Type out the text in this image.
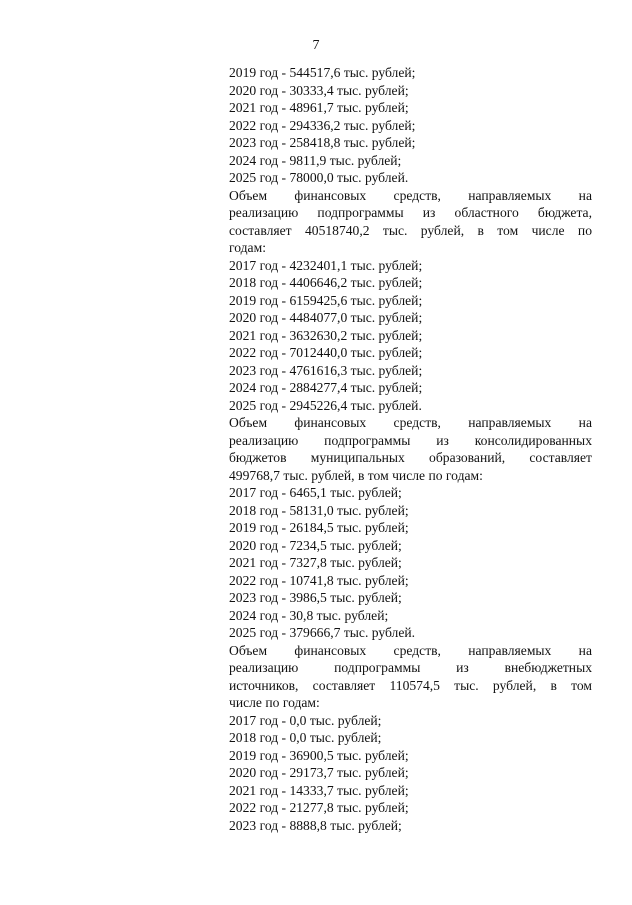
7
2019 год - 544517,6 тыс. рублей;
2020 год - 30333,4 тыс. рублей;
2021 год - 48961,7 тыс. рублей;
2022 год - 294336,2 тыс. рублей;
2023 год - 258418,8 тыс. рублей;
2024 год - 9811,9 тыс. рублей;
2025 год - 78000,0 тыс. рублей.
Объем финансовых средств, направляемых на
реализацию подпрограммы из областного бюджета,
составляет 40518740,2 тыс. рублей, в том числе по
годам:
2017 год - 4232401,1 тыс. рублей;
2018 год - 4406646,2 тыс. рублей;
2019 год - 6159425,6 тыс. рублей;
2020 год - 4484077,0 тыс. рублей;
2021 год - 3632630,2 тыс. рублей;
2022 год - 7012440,0 тыс. рублей;
2023 год - 4761616,3 тыс. рублей;
2024 год - 2884277,4 тыс. рублей;
2025 год - 2945226,4 тыс. рублей.
Объем финансовых средств, направляемых на
реализацию подпрограммы из консолидированных
бюджетов муниципальных образований, составляет
499768,7 тыс. рублей, в том числе по годам:
2017 год - 6465,1 тыс. рублей;
2018 год - 58131,0 тыс. рублей;
2019 год - 26184,5 тыс. рублей;
2020 год - 7234,5 тыс. рублей;
2021 год - 7327,8 тыс. рублей;
2022 год - 10741,8 тыс. рублей;
2023 год - 3986,5 тыс. рублей;
2024 год - 30,8 тыс. рублей;
2025 год - 379666,7 тыс. рублей.
Объем финансовых средств, направляемых на
реализацию подпрограммы из внебюджетных
источников, составляет 110574,5 тыс. рублей, в том
числе по годам:
2017 год - 0,0 тыс. рублей;
2018 год - 0,0 тыс. рублей;
2019 год - 36900,5 тыс. рублей;
2020 год - 29173,7 тыс. рублей;
2021 год - 14333,7 тыс. рублей;
2022 год - 21277,8 тыс. рублей;
2023 год - 8888,8 тыс. рублей;
